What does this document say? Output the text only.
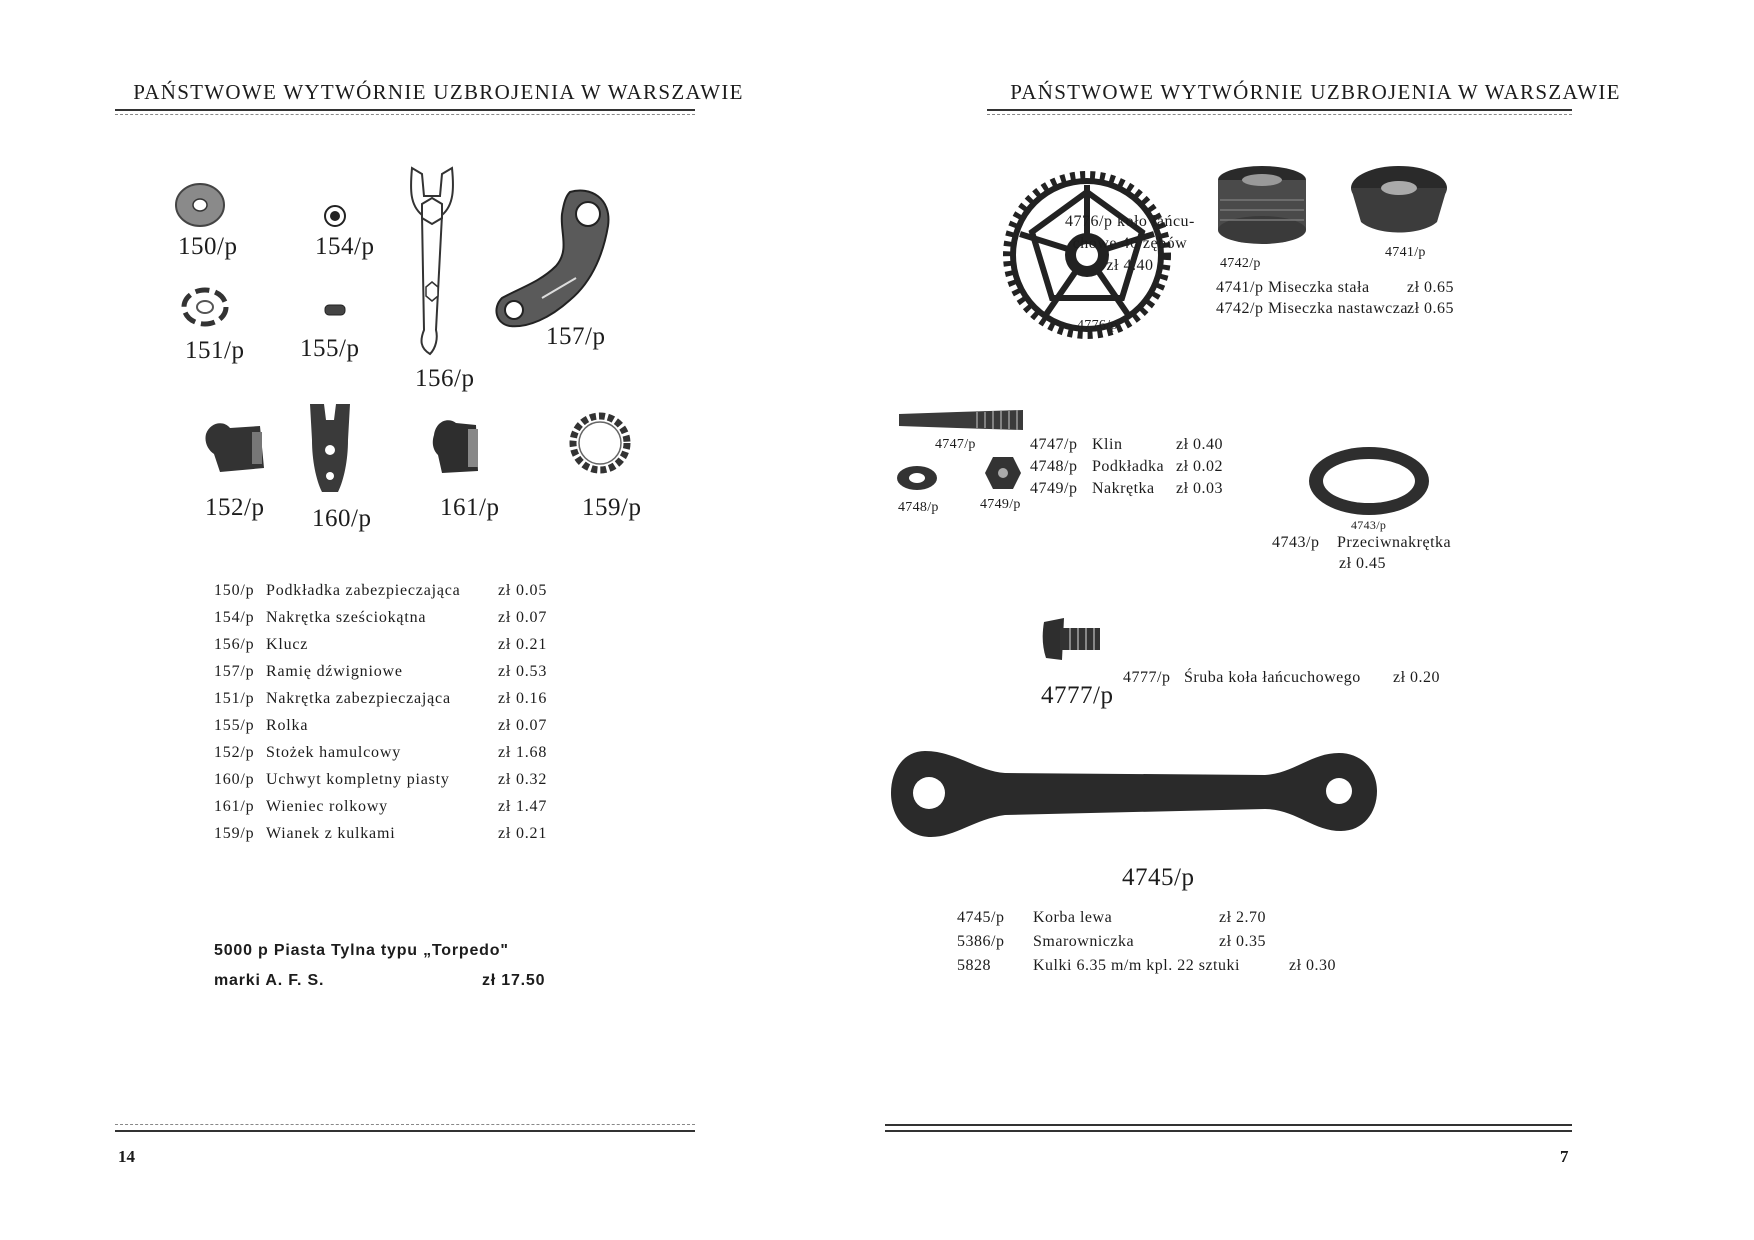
PAŃSTWOWE WYTWÓRNIE UZBROJENIA W WARSZAWIE
150/p	154/p
151/p 155/p
156/p
157/p
152/p 160/p	161/p	159/p
150/p Podkładka zabezpieczająca zł 0.05
154/p Nakrętka sześciokątna	zł 0.07
156/p Klucz	zł 0.21
157/p Ramię dźwigniowe	zł 0.53
151/p Nakrętka zabezpieczająca	zł 0.16
155/p Rolka	zł 0.07
152/p Stożek hamulcowy	zł 1.68
160/p Uchwyt kompletny piasty	zł 0.32
161/p Wieniec rolkowy	zł 1.47
159/p Wianek z kulkami	zł 0.21
5000 p Piasta Tylna typu „Torpedo"
marki A. F. S.	zł 17.50
14
PAŃSTWOWE WYTWÓRNIE UZBROJENIA W WARSZAWIE
4776/p
4776/p koło łańcu-
chowe 46 zębów
zł 4.40	4742/p
4741/p
4741/p Miseczka stała zł 0.65
4742/p Miseczka nastawcza zł 0.65
4747/p
4748/p	4749/p
4747/p Klin	zł 0.40
4748/p Podkładka zł 0.02
4749/p Nakrętka zł 0.03
4743/p
4743/p Przeciwnakrętka
zł 0.45
4777/p
4777/p Śruba koła łańcuchowego zł 0.20
4745/p
4745/p Korba lewa	zł 2.70
5386/p Smarowniczka	zł 0.35
5828	Kulki 6.35 m/m kpl. 22 sztuki	zł 0.30
7
